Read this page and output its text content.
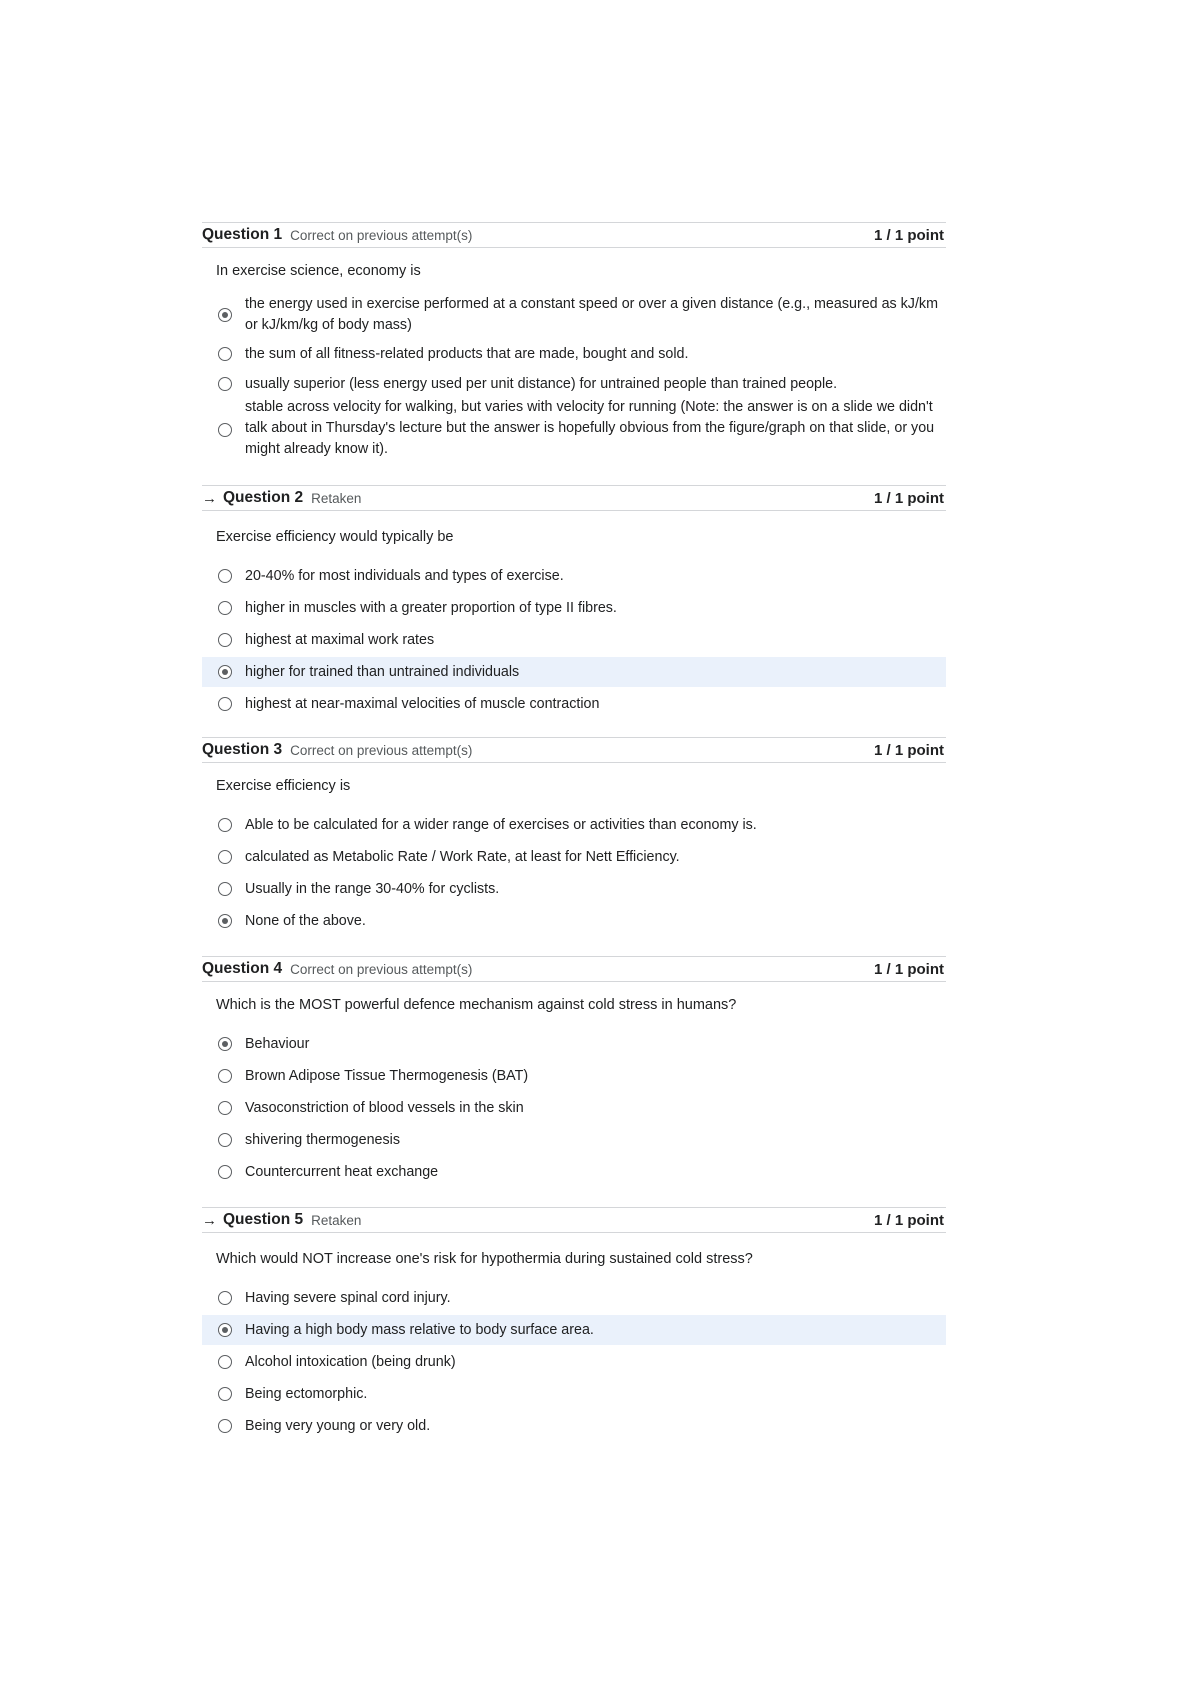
Question 1 Correct on previous attempt(s)	1 / 1 point
In exercise science, economy is
the energy used in exercise performed at a constant speed or over a given distance (e.g., measured as kJ/km or kJ/km/kg of body mass)
the sum of all fitness-related products that are made, bought and sold.
usually superior (less energy used per unit distance) for untrained people than trained people.
stable across velocity for walking, but varies with velocity for running (Note: the answer is on a slide we didn't talk about in Thursday's lecture but the answer is hopefully obvious from the figure/graph on that slide, or you might already know it).
→ Question 2 Retaken	1 / 1 point
Exercise efficiency would typically be
20-40% for most individuals and types of exercise.
higher in muscles with a greater proportion of type II fibres.
highest at maximal work rates
higher for trained than untrained individuals
highest at near-maximal velocities of muscle contraction
Question 3 Correct on previous attempt(s)	1 / 1 point
Exercise efficiency is
Able to be calculated for a wider range of exercises or activities than economy is.
calculated as Metabolic Rate / Work Rate, at least for Nett Efficiency.
Usually in the range 30-40% for cyclists.
None of the above.
Question 4 Correct on previous attempt(s)	1 / 1 point
Which is the MOST powerful defence mechanism against cold stress in humans?
Behaviour
Brown Adipose Tissue Thermogenesis (BAT)
Vasoconstriction of blood vessels in the skin
shivering thermogenesis
Countercurrent heat exchange
→ Question 5 Retaken	1 / 1 point
Which would NOT increase one's risk for hypothermia during sustained cold stress?
Having severe spinal cord injury.
Having a high body mass relative to body surface area.
Alcohol intoxication (being drunk)
Being ectomorphic.
Being very young or very old.
